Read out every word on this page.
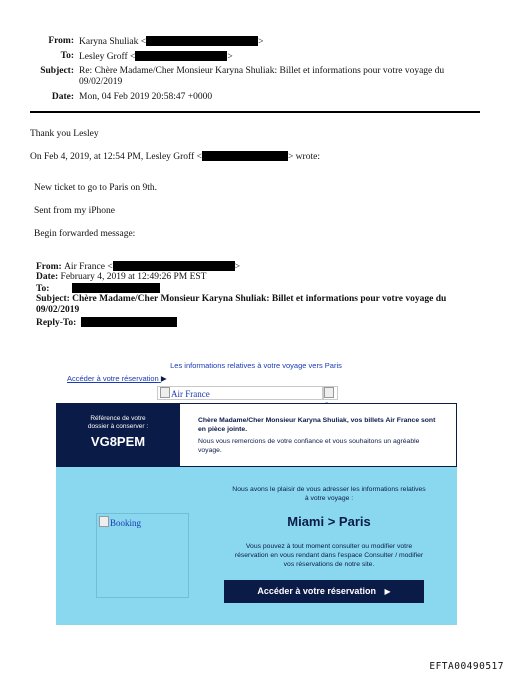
From: Karyna Shuliak <	>
To: Lesley Groff <	>
Subject: Re: Chère Madame/Cher Monsieur Karyna Shuliak: Billet et informations pour votre voyage du
09/02/2019
Date: Mon, 04 Feb 2019 20:58:47 +0000
Thank you Lesley
On Feb 4, 2019, at 12:54 PM, Lesley Groff <	> wrote:
New ticket to go to Paris on 9th.
Sent from my iPhone
Begin forwarded message:
From: Air France <	>
Date: February 4, 2019 at 12:49:26 PM EST
To:
Subject: Chère Madame/Cher Monsieur Karyna Shuliak: Billet et informations pour votre voyage du
09/02/2019
Reply-To:
Les informations relatives à votre voyage vers Paris
Accéder à votre réservation ▶
Air France
Référence de votre
dossier à conserver :
VG8PEM
Chère Madame/Cher Monsieur Karyna Shuliak, vos billets Air France sont en pièce jointe.
Nous vous remercions de votre confiance et vous souhaitons un agréable voyage.
Nous avons le plaisir de vous adresser les informations relatives
à votre voyage :
Booking	Miami > Paris
Vous pouvez à tout moment consulter ou modifier votre
réservation en vous rendant dans l'espace Consulter / modifier
vos réservations de notre site.
Accéder à votre réservation ▶
EFTA00490517
